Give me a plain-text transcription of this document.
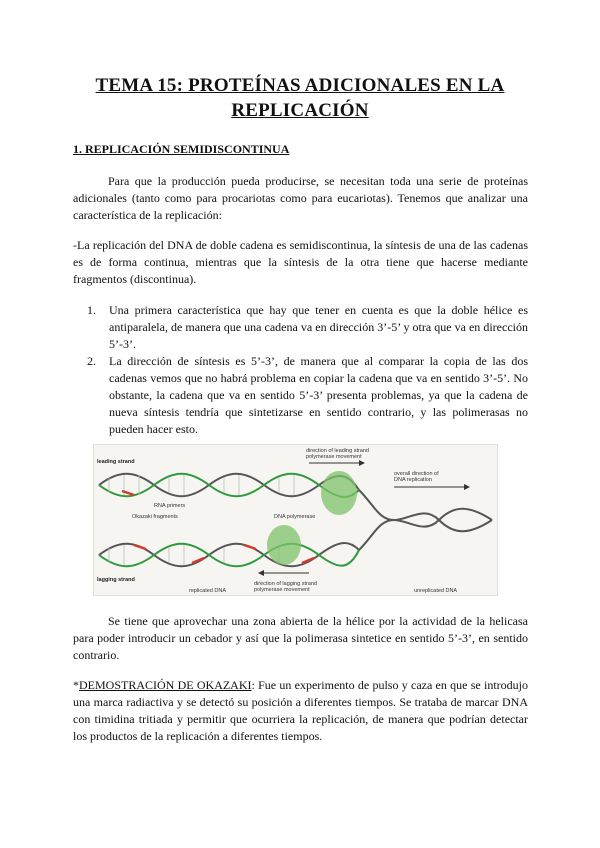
TEMA 15: PROTEÍNAS ADICIONALES EN LA
REPLICACIÓN
1. REPLICACIÓN SEMIDISCONTINUA
Para que la producción pueda producirse, se necesitan toda una serie de proteínas adicionales (tanto como para procariotas como para eucariotas). Tenemos que analizar una característica de la replicación:
-La replicación del DNA de doble cadena es semidiscontinua, la síntesis de una de las cadenas es de forma continua, mientras que la síntesis de la otra tiene que hacerse mediante fragmentos (discontinua).
1. Una primera característica que hay que tener en cuenta es que la doble hélice es antiparalela, de manera que una cadena va en dirección 3’-5’ y otra que va en dirección 5’-3’.
2. La dirección de síntesis es 5’-3’, de manera que al comparar la copia de las dos cadenas vemos que no habrá problema en copiar la cadena que va en sentido 3’-5’. No obstante, la cadena que va en sentido 5’-3’ presenta problemas, ya que la cadena de nueva síntesis tendría que sintetizarse en sentido contrario, y las polimerasas no pueden hacer esto.
leading strand
lagging strand
RNA primers
Okazaki fragments	DNA polymerase
direction of leading strand
polymerase movement
direction of lagging strand
polymerase movement
overall direction of
DNA replication
replicated DNA	unreplicated DNA
Se tiene que aprovechar una zona abierta de la hélice por la actividad de la helicasa para poder introducir un cebador y así que la polimerasa sintetice en sentido 5’-3’, en sentido contrario.
*DEMOSTRACIÓN DE OKAZAKI: Fue un experimento de pulso y caza en que se introdujo una marca radiactiva y se detectó su posición a diferentes tiempos. Se trataba de marcar DNA con timidina tritiada y permitir que ocurriera la replicación, de manera que podrían detectar los productos de la replicación a diferentes tiempos.
